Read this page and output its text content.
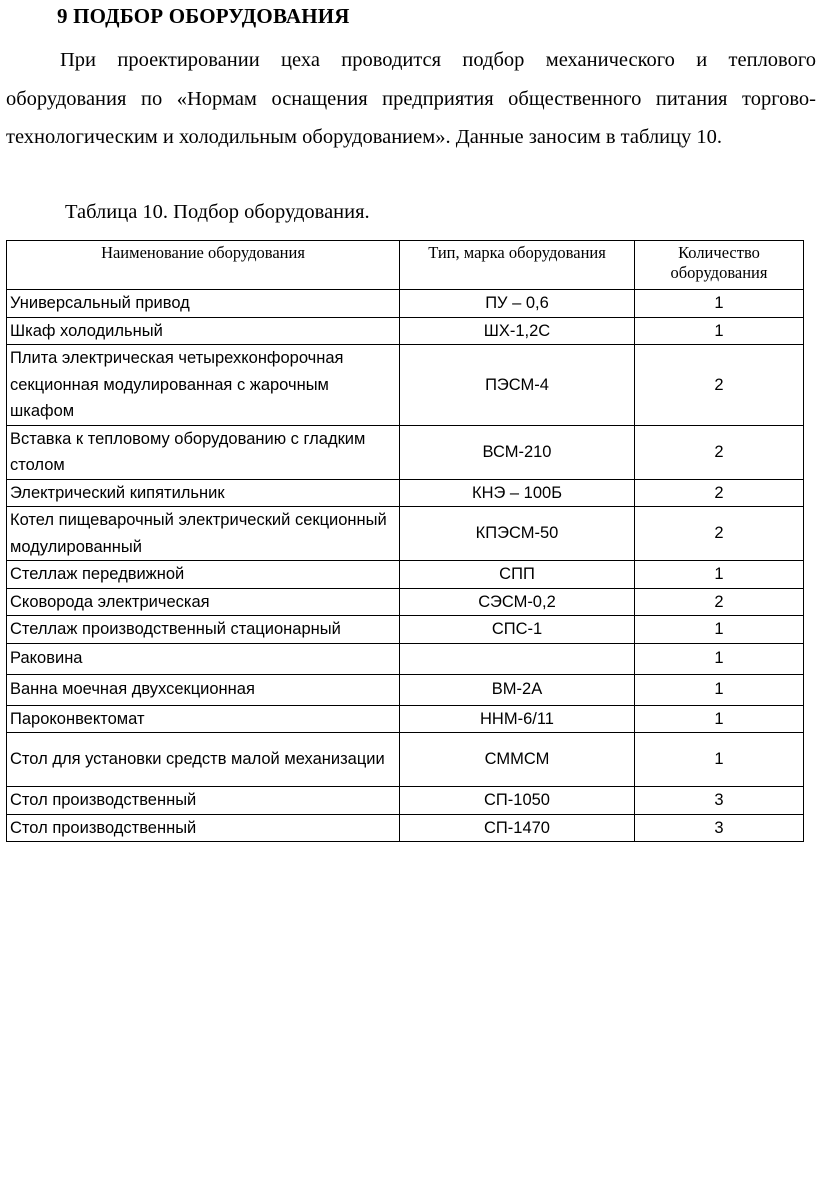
9 ПОДБОР ОБОРУДОВАНИЯ
При проектировании цеха проводится подбор механического и теплового оборудования по «Нормам оснащения предприятия общественного питания торгово-технологическим и холодильным оборудованием». Данные заносим в таблицу 10.
Таблица 10. Подбор оборудования.
Наименование оборудования	Тип, марка оборудования	Количество оборудования
Универсальный привод	ПУ – 0,6	1
Шкаф холодильный	ШХ-1,2С	1
Плита электрическая четырехконфорочная секционная модулированная с жарочным шкафом	ПЭСМ-4	2
Вставка к тепловому оборудованию с гладким столом	ВСМ-210	2
Электрический кипятильник	КНЭ – 100Б	2
Котел пищеварочный электрический секционный модулированный	КПЭСМ-50	2
Стеллаж передвижной	СПП	1
Сковорода электрическая	СЭСМ-0,2	2
Стеллаж производственный стационарный	СПС-1	1
Раковина		1
Ванна моечная двухсекционная	ВМ-2А	1
Пароконвектомат	ННМ-6/11	1
Стол для установки средств малой механизации	СММСМ	1
Стол производственный	СП-1050	3
Стол производственный	СП-1470	3
